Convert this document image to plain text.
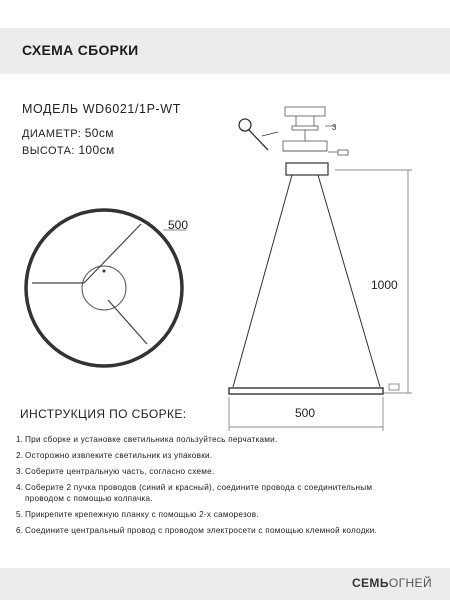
СХЕМА СБОРКИ
МОДЕЛЬ WD6021/1P-WT
ДИАМЕТР: 50см
ВЫСОТА: 100см
3
500
1000
500
ИНСТРУКЦИЯ ПО СБОРКЕ:
1. При сборке и установке светильника пользуйтесь перчатками.
2. Осторожно извлеките светильник из упаковки.
3. Соберите центральную часть, согласно схеме.
4. Соберите 2 пучка проводов (синий и красный), соедините провода с соединительным
проводом с помощью колпачка.
5. Прикрепите крепежную планку с помощью 2-х саморезов.
6. Соедините центральный провод с проводом электросети с помощью клемной колодки.
СЕМЬОГНЕЙ
